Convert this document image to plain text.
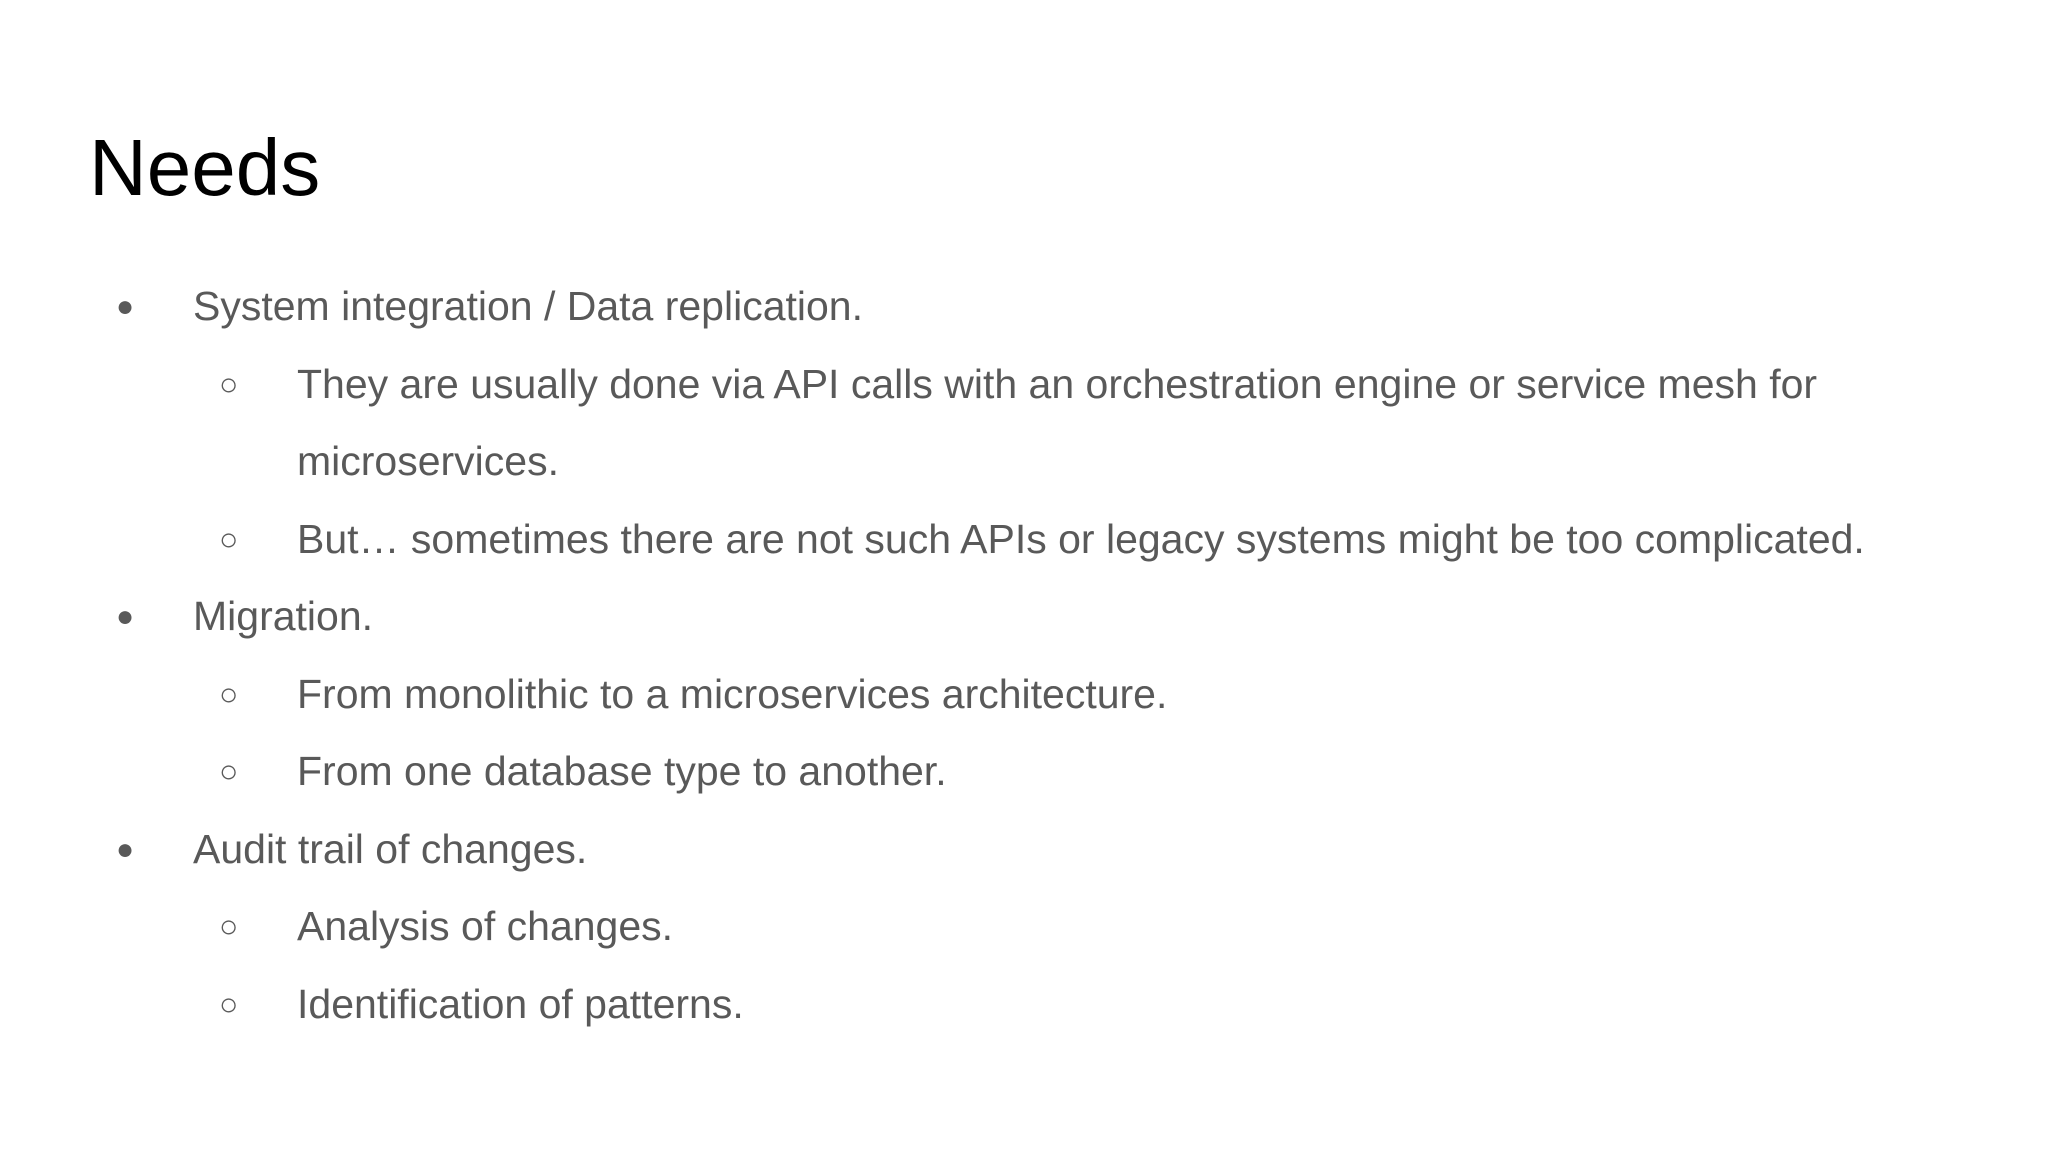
Needs
● System integration / Data replication.
○ They are usually done via API calls with an orchestration engine or service mesh for microservices.
○ But… sometimes there are not such APIs or legacy systems might be too complicated.
● Migration.
○ From monolithic to a microservices architecture.
○ From one database type to another.
● Audit trail of changes.
○ Analysis of changes.
○ Identification of patterns.
